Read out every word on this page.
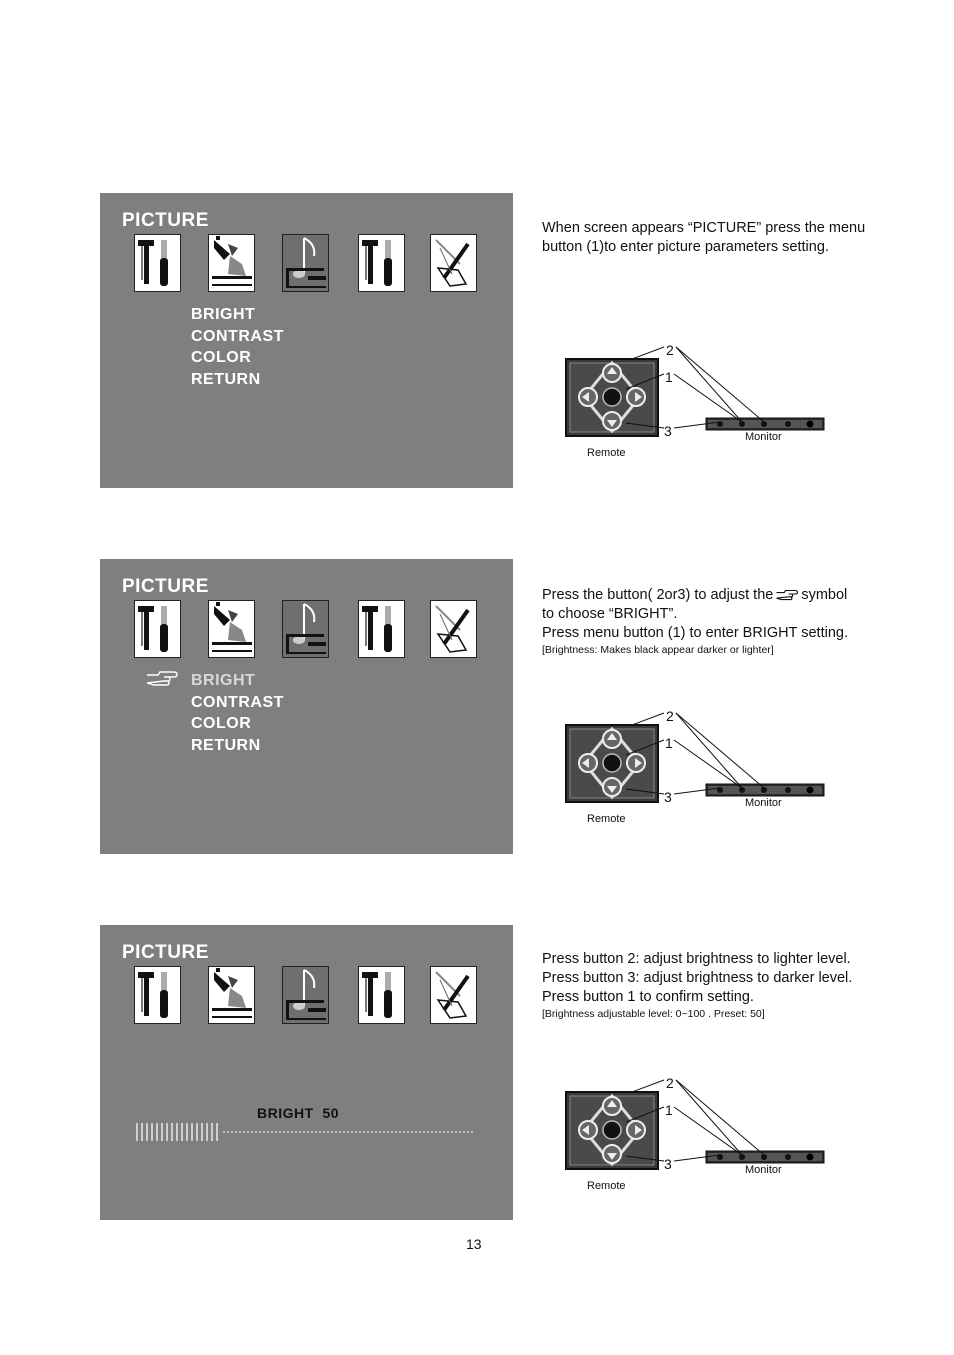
PICTURE
BRIGHT
CONTRAST
COLOR
RETURN
When screen appears “PICTURE” press the menu
button (1)to enter picture parameters setting.
2
1
3
Remote
Monitor
PICTURE
BRIGHT
CONTRAST
COLOR
RETURN
Press the button( 2or3) to adjust the symbol
to choose “BRIGHT”.
Press menu button (1) to enter BRIGHT setting.
[Brightness: Makes black appear darker or lighter]
2
1
3
Remote
Monitor
PICTURE
BRIGHT  50
Press button 2: adjust brightness to lighter level.
Press button 3: adjust brightness to darker level.
Press button 1 to confirm setting.
[Brightness adjustable level: 0~100 . Preset: 50]
2
1
3
Remote
Monitor
13
